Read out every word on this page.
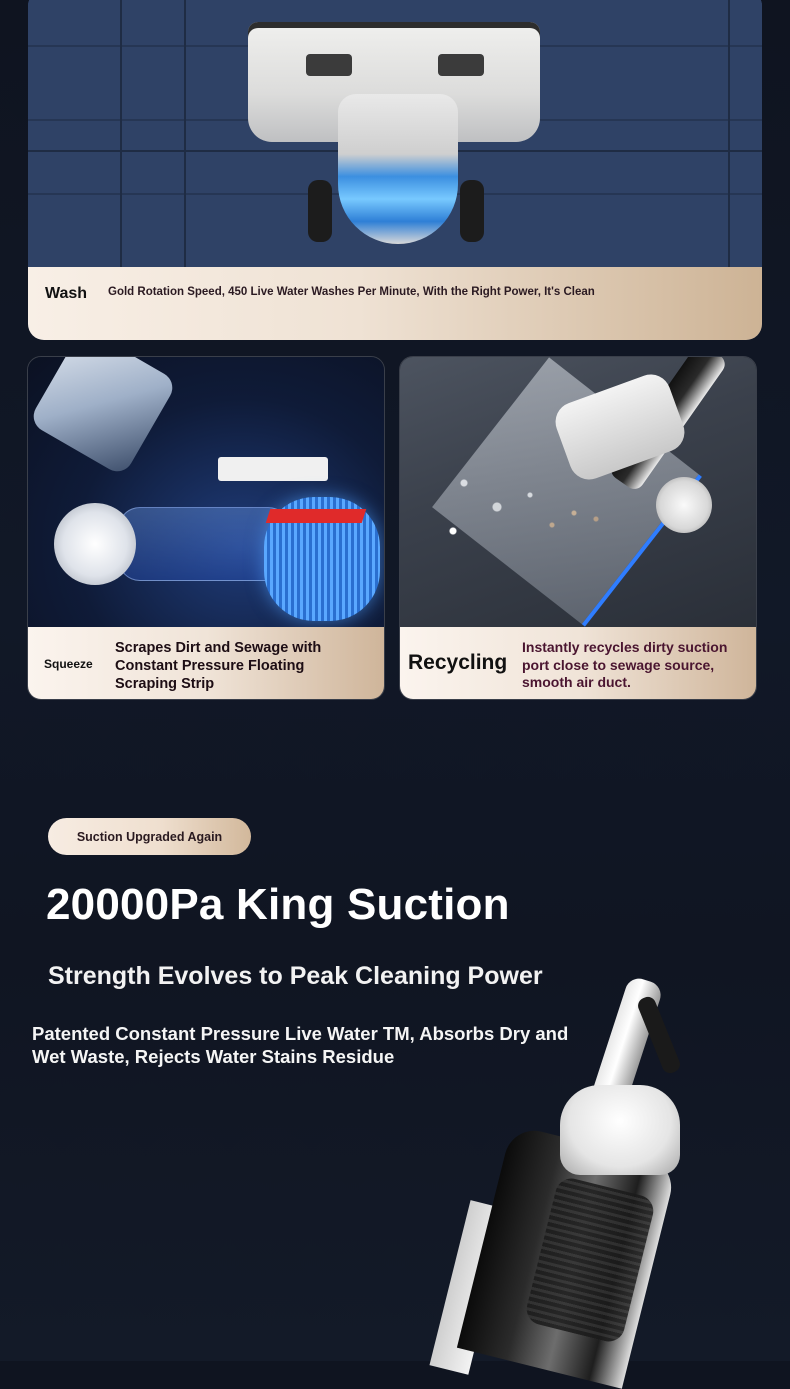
Wash Gold Rotation Speed, 450 Live Water Washes Per Minute, With the Right Power, It's Clean
Squeeze
Scrapes Dirt and Sewage with Constant Pressure Floating Scraping Strip
Recycling
Instantly recycles dirty suction port close to sewage source, smooth air duct.
Suction Upgraded Again
20000Pa King Suction
Strength Evolves to Peak Cleaning Power
Patented Constant Pressure Live Water TM, Absorbs Dry and Wet Waste, Rejects Water Stains Residue
